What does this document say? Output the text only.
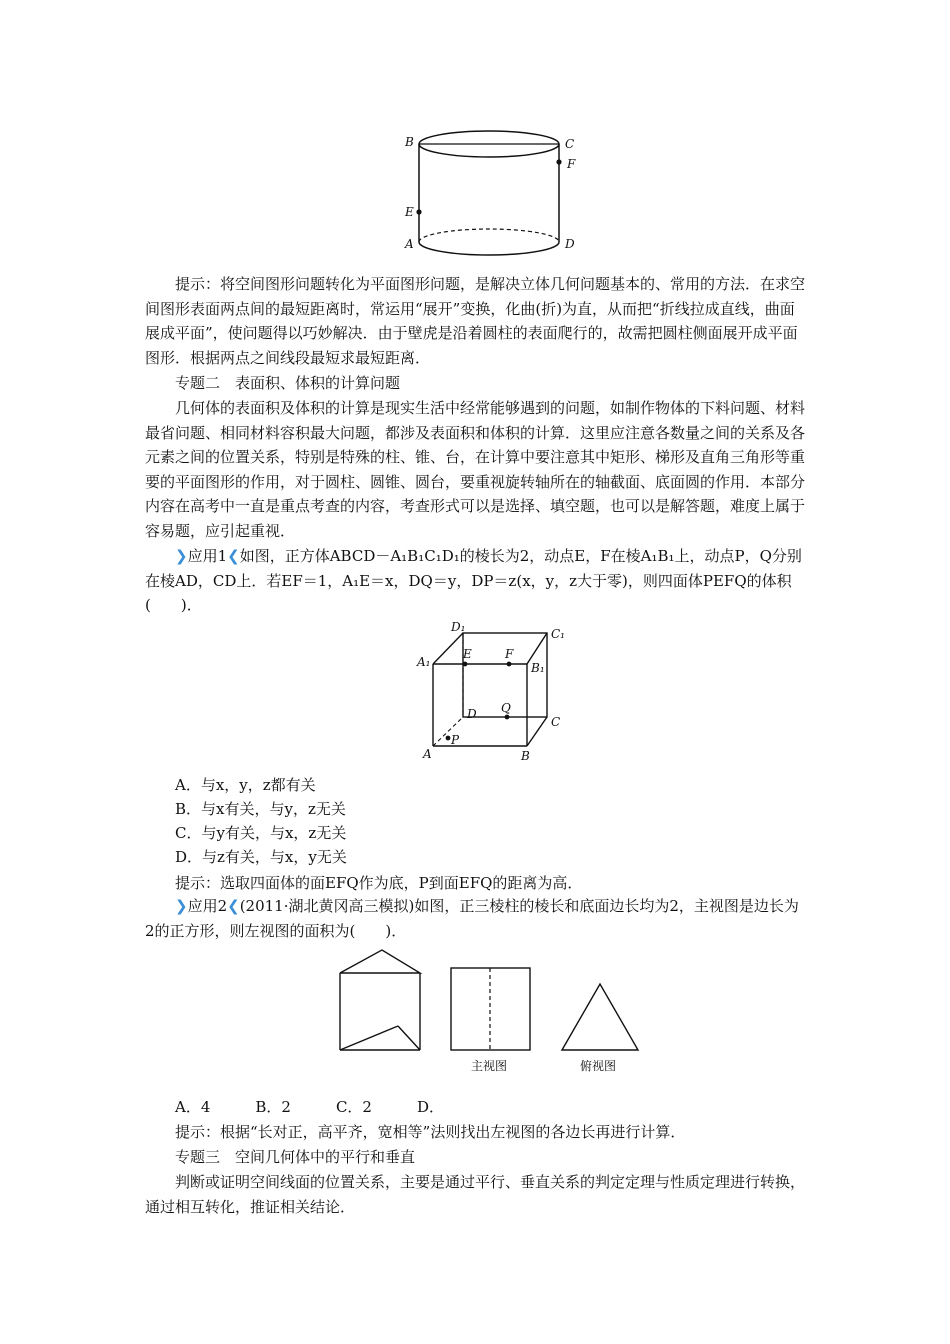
B	C
F
E
A	D

提示：将空间图形问题转化为平面图形问题，是解决立体几何问题基本的、常用的方法．在求空间图形表面两点间的最短距离时，常运用“展开”变换，化曲(折)为直，从而把“折线拉成直线，曲面展成平面”，使问题得以巧妙解决．由于壁虎是沿着圆柱的表面爬行的，故需把圆柱侧面展开成平面图形．根据两点之间线段最短求最短距离．

专题二　表面积、体积的计算问题

几何体的表面积及体积的计算是现实生活中经常能够遇到的问题，如制作物体的下料问题、材料最省问题、相同材料容积最大问题，都涉及表面积和体积的计算．这里应注意各数量之间的关系及各元素之间的位置关系，特别是特殊的柱、锥、台，在计算中要注意其中矩形、梯形及直角三角形等重要的平面图形的作用，对于圆柱、圆锥、圆台，要重视旋转轴所在的轴截面、底面圆的作用．本部分内容在高考中一直是重点考查的内容，考查形式可以是选择、填空题，也可以是解答题，难度上属于容易题，应引起重视．

❯应用1❮如图，正方体ABCD－A₁B₁C₁D₁的棱长为2，动点E，F在棱A₁B₁上，动点P，Q分别在棱AD，CD上．若EF＝1，A₁E＝x，DQ＝y，DP＝z(x，y，z大于零)，则四面体PEFQ的体积(　　)．

D₁	C₁
A₁
E	F
B₁
D Q
C
P
A	B
A．与x，y，z都有关
B．与x有关，与y，z无关
C．与y有关，与x，z无关
D．与z有关，与x，y无关
提示：选取四面体的面EFQ作为底，P到面EFQ的距离为高．

❯应用2❮(2011·湖北黄冈高三模拟)如图，正三棱柱的棱长和底面边长均为2，主视图是边长为2的正方形，则左视图的面积为(　　)．

主视图	俯视图
A．4　　　B．2　　　C．2　　　D．
提示：根据“长对正，高平齐，宽相等”法则找出左视图的各边长再进行计算．
专题三　空间几何体中的平行和垂直

判断或证明空间线面的位置关系，主要是通过平行、垂直关系的判定定理与性质定理进行转换，通过相互转化，推证相关结论．
